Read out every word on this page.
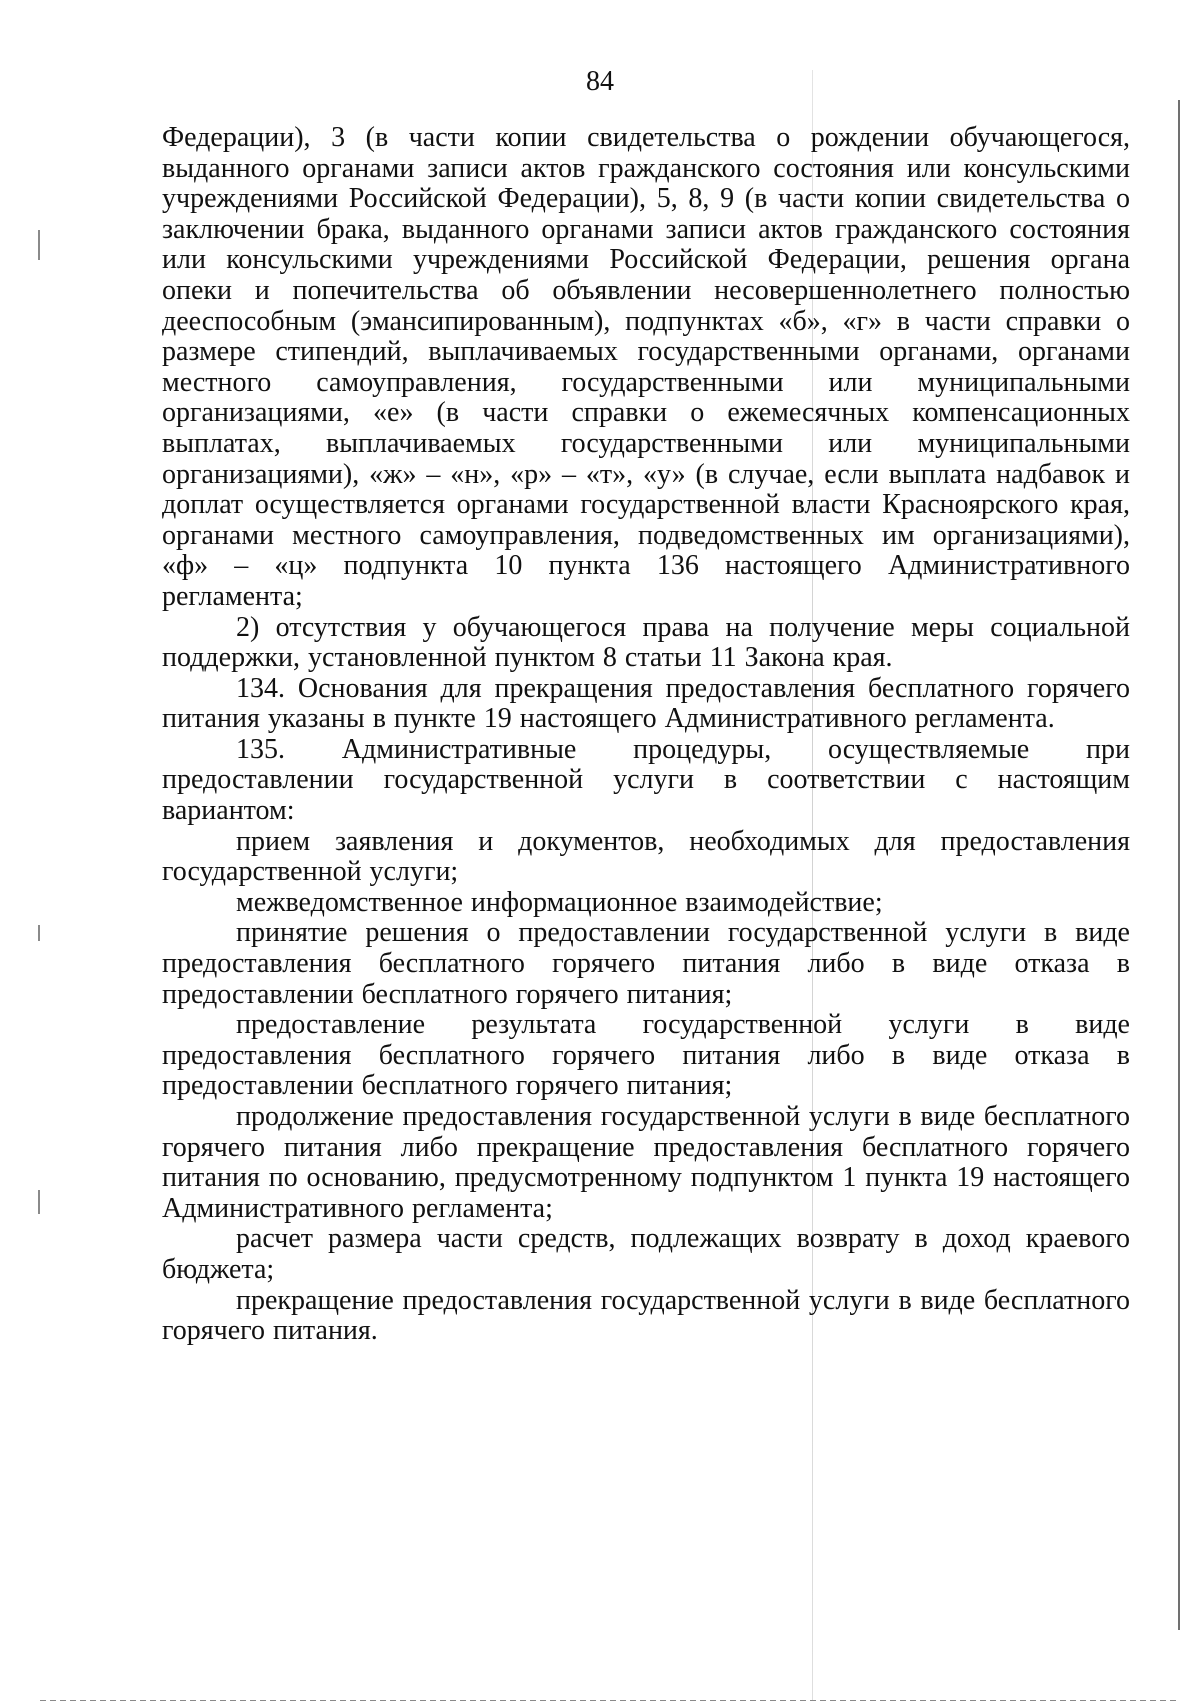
84

Федерации), 3 (в части копии свидетельства о рождении обучающегося, выданного органами записи актов гражданского состояния или консульскими учреждениями Российской Федерации), 5, 8, 9 (в части копии свидетельства о заключении брака, выданного органами записи актов гражданского состояния или консульскими учреждениями Российской Федерации, решения органа опеки и попечительства об объявлении несовершеннолетнего полностью дееспособным (эмансипированным), подпунктах «б», «г» в части справки о размере стипендий, выплачиваемых государственными органами, органами местного самоуправления, государственными или муниципальными организациями, «е» (в части справки о ежемесячных компенсационных выплатах, выплачиваемых государственными или муниципальными организациями), «ж» – «н», «р» – «т», «у» (в случае, если выплата надбавок и доплат осуществляется органами государственной власти Красноярского края, органами местного самоуправления, подведомственных им организациями), «ф» – «ц» подпункта 10 пункта 136 настоящего Административного регламента;

2) отсутствия у обучающегося права на получение меры социальной поддержки, установленной пунктом 8 статьи 11 Закона края.

134. Основания для прекращения предоставления бесплатного горячего питания указаны в пункте 19 настоящего Административного регламента.

135. Административные процедуры, осуществляемые при предоставлении государственной услуги в соответствии с настоящим вариантом:

прием заявления и документов, необходимых для предоставления государственной услуги;

межведомственное информационное взаимодействие;

принятие решения о предоставлении государственной услуги в виде предоставления бесплатного горячего питания либо в виде отказа в предоставлении бесплатного горячего питания;

предоставление результата государственной услуги в виде предоставления бесплатного горячего питания либо в виде отказа в предоставлении бесплатного горячего питания;

продолжение предоставления государственной услуги в виде бесплатного горячего питания либо прекращение предоставления бесплатного горячего питания по основанию, предусмотренному подпунктом 1 пункта 19 настоящего Административного регламента;

расчет размера части средств, подлежащих возврату в доход краевого бюджета;

прекращение предоставления государственной услуги в виде бесплатного горячего питания.
